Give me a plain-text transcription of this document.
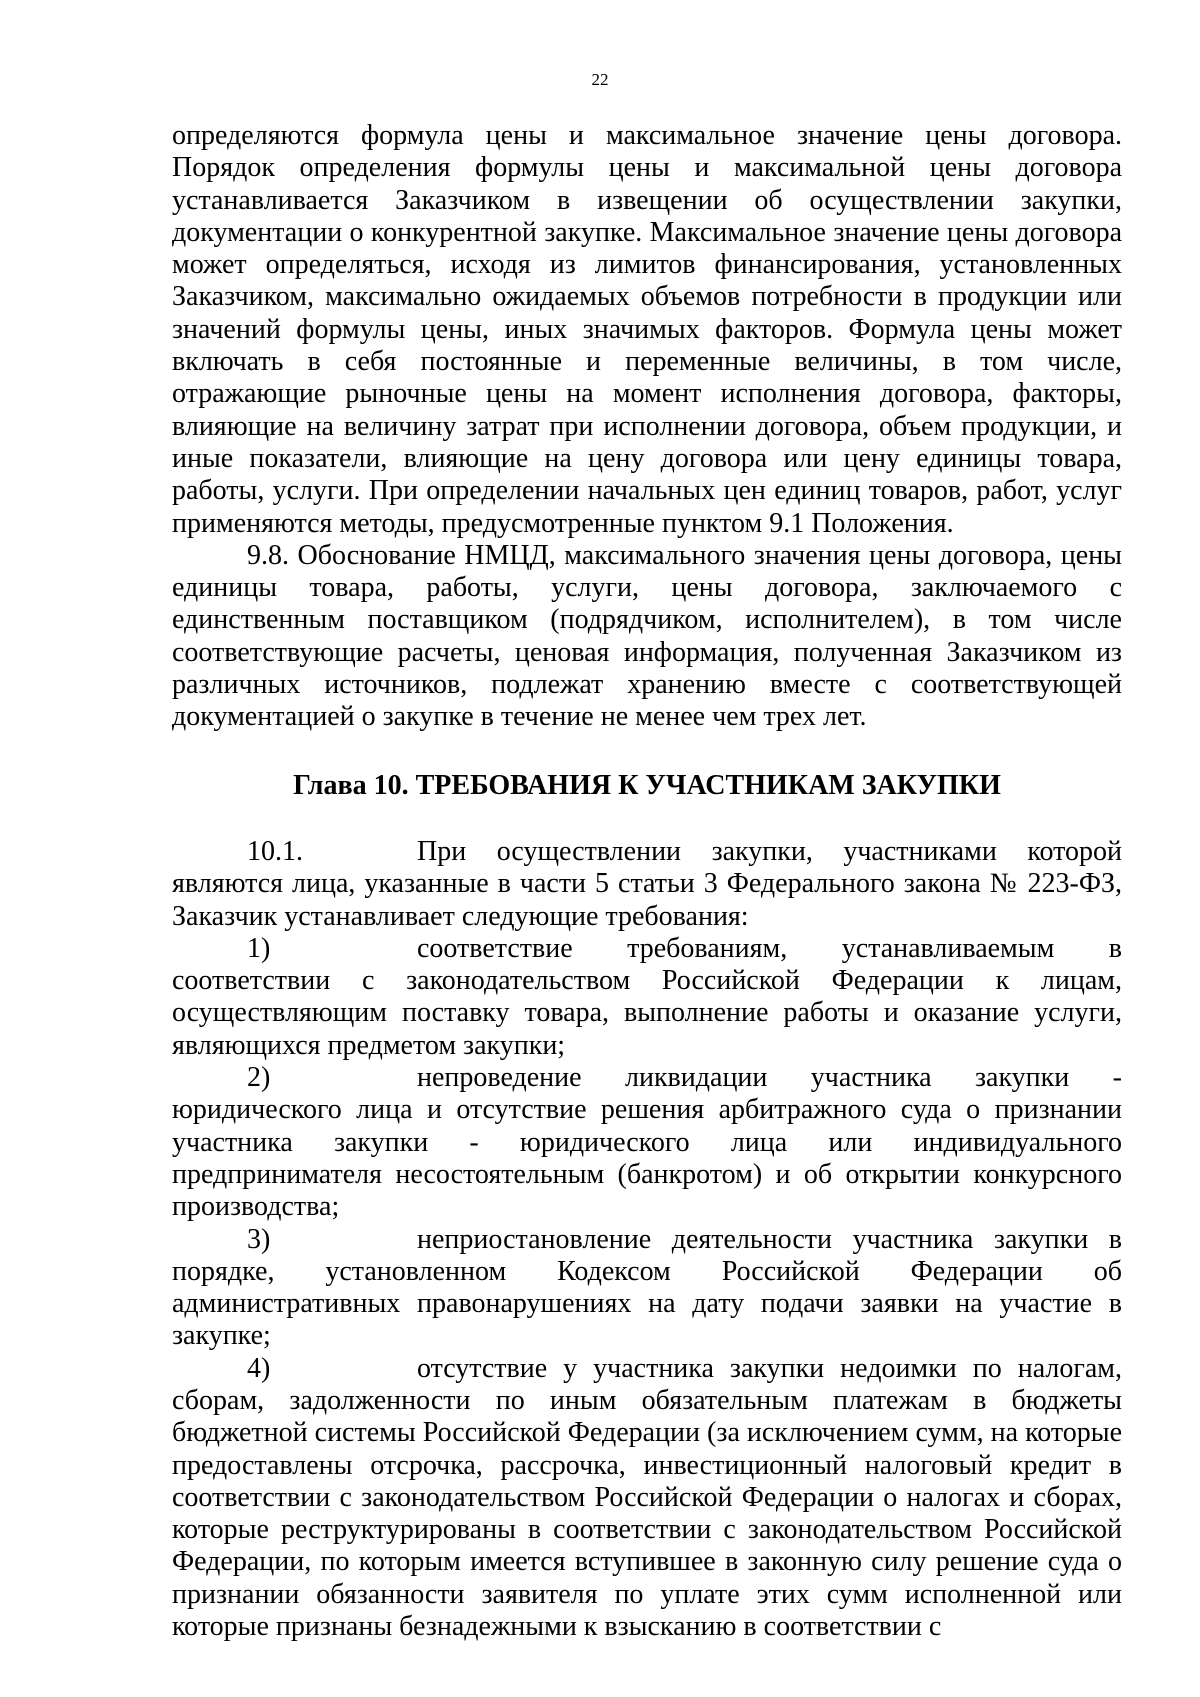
22

определяются формула цены и максимальное значение цены договора. Порядок определения формулы цены и максимальной цены договора устанавливается Заказчиком в извещении об осуществлении закупки, документации о конкурентной закупке. Максимальное значение цены договора может определяться, исходя из лимитов финансирования, установленных Заказчиком, максимально ожидаемых объемов потребности в продукции или значений формулы цены, иных значимых факторов. Формула цены может включать в себя постоянные и переменные величины, в том числе, отражающие рыночные цены на момент исполнения договора, факторы, влияющие на величину затрат при исполнении договора, объем продукции, и иные показатели, влияющие на цену договора или цену единицы товара, работы, услуги. При определении начальных цен единиц товаров, работ, услуг применяются методы, предусмотренные пунктом 9.1 Положения.

9.8. Обоснование НМЦД, максимального значения цены договора, цены единицы товара, работы, услуги, цены договора, заключаемого с единственным поставщиком (подрядчиком, исполнителем), в том числе соответствующие расчеты, ценовая информация, полученная Заказчиком из различных источников, подлежат хранению вместе с соответствующей документацией о закупке в течение не менее чем трех лет.

Глава 10. ТРЕБОВАНИЯ К УЧАСТНИКАМ ЗАКУПКИ

10.1.	При осуществлении закупки, участниками которой являются лица, указанные в части 5 статьи 3 Федерального закона № 223-ФЗ, Заказчик устанавливает следующие требования:

1)	соответствие требованиям, устанавливаемым в соответствии с законодательством Российской Федерации к лицам, осуществляющим поставку товара, выполнение работы и оказание услуги, являющихся предметом закупки;

2)	непроведение ликвидации участника закупки - юридического лица и отсутствие решения арбитражного суда о признании участника закупки - юридического лица или индивидуального предпринимателя несостоятельным (банкротом) и об открытии конкурсного производства;

3)	неприостановление деятельности участника закупки в порядке, установленном Кодексом Российской Федерации об административных правонарушениях на дату подачи заявки на участие в закупке;

4)	отсутствие у участника закупки недоимки по налогам, сборам, задолженности по иным обязательным платежам в бюджеты бюджетной системы Российской Федерации (за исключением сумм, на которые предоставлены отсрочка, рассрочка, инвестиционный налоговый кредит в соответствии с законодательством Российской Федерации о налогах и сборах, которые реструктурированы в соответствии с законодательством Российской Федерации, по которым имеется вступившее в законную силу решение суда о признании обязанности заявителя по уплате этих сумм исполненной или которые признаны безнадежными к взысканию в соответствии с
